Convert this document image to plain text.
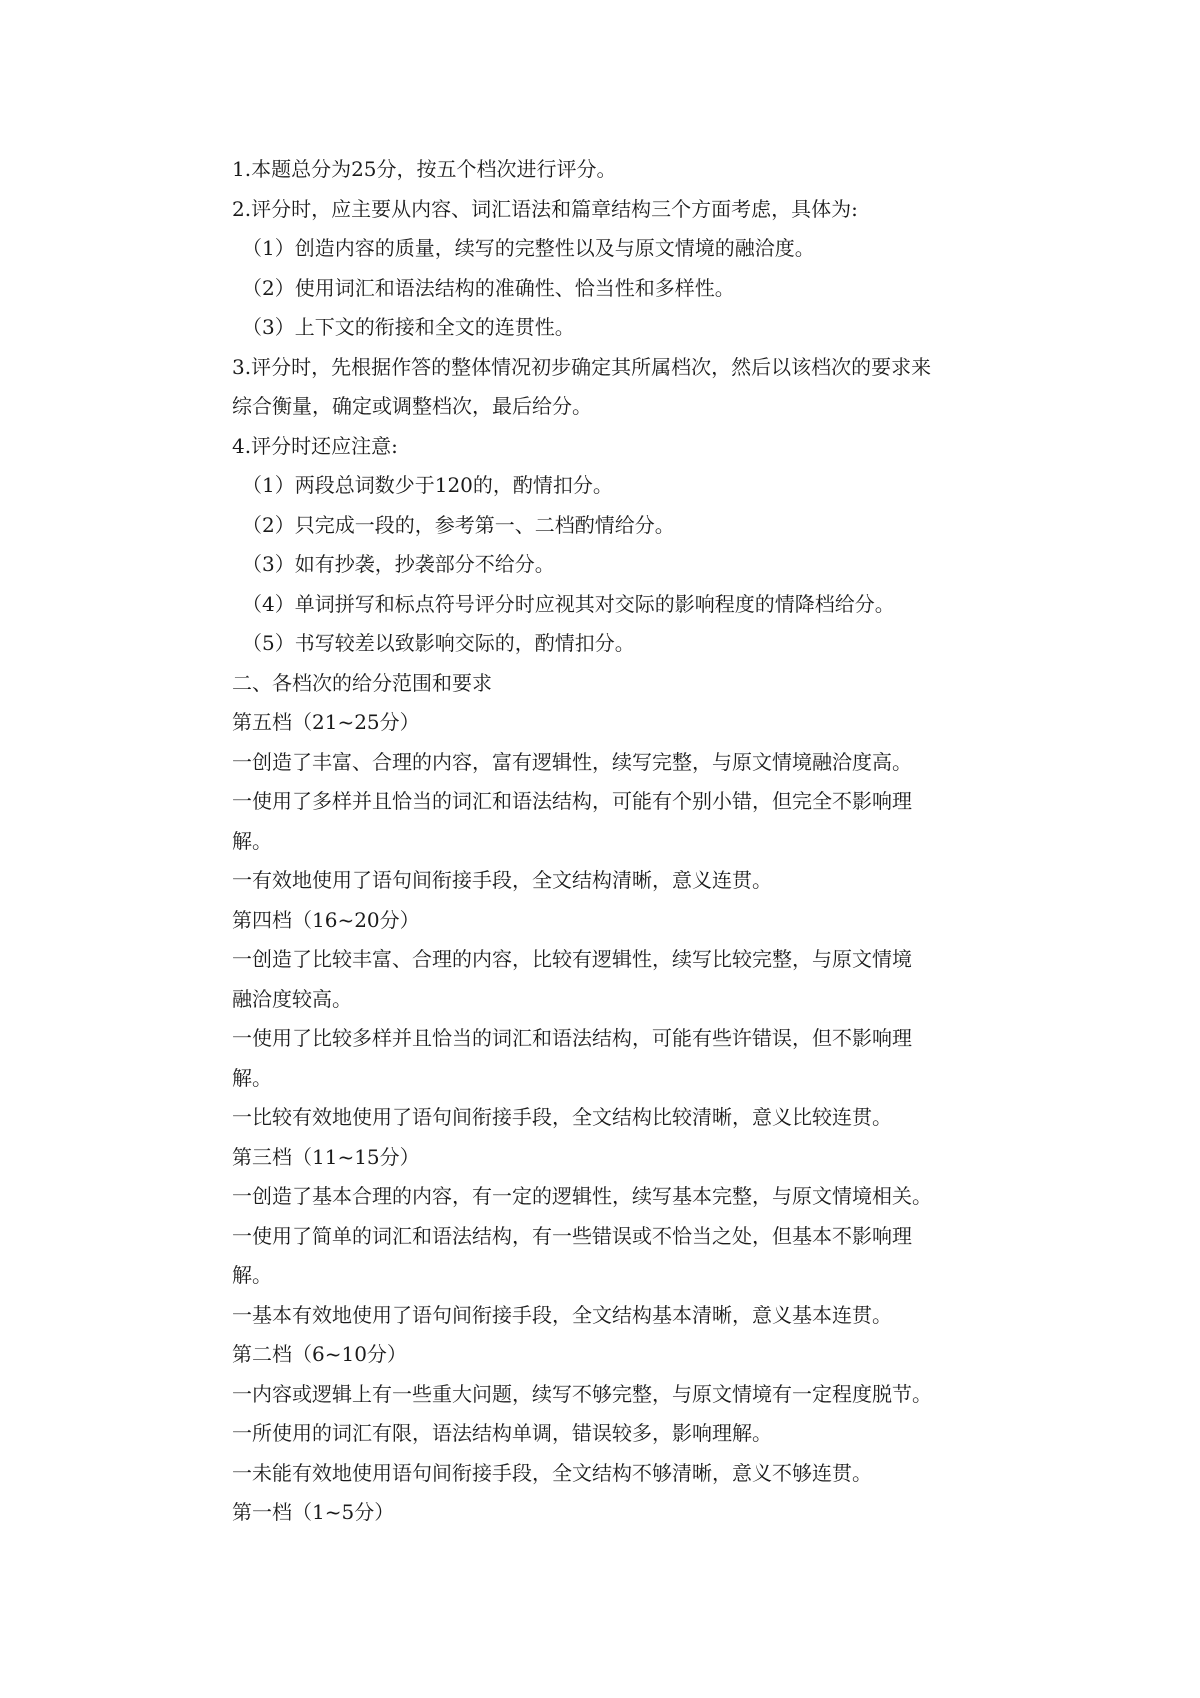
1.本题总分为25分，按五个档次进行评分。

2.评分时，应主要从内容、词汇语法和篇章结构三个方面考虑，具体为:

（1）创造内容的质量，续写的完整性以及与原文情境的融洽度。

（2）使用词汇和语法结构的准确性、恰当性和多样性。

（3）上下文的衔接和全文的连贯性。

3.评分时，先根据作答的整体情况初步确定其所属档次，然后以该档次的要求来

综合衡量，确定或调整档次，最后给分。

4.评分时还应注意:

（1）两段总词数少于120的，酌情扣分。

（2）只完成一段的，参考第一、二档酌情给分。

（3）如有抄袭，抄袭部分不给分。

（4）单词拼写和标点符号评分时应视其对交际的影响程度的情降档给分。

（5）书写较差以致影响交际的，酌情扣分。

二、各档次的给分范围和要求

第五档（21~25分）

一创造了丰富、合理的内容，富有逻辑性，续写完整，与原文情境融洽度高。

一使用了多样并且恰当的词汇和语法结构，可能有个别小错，但完全不影响理

解。

一有效地使用了语句间衔接手段，全文结构清晰，意义连贯。

第四档（16~20分）

一创造了比较丰富、合理的内容，比较有逻辑性，续写比较完整，与原文情境

融洽度较高。

一使用了比较多样并且恰当的词汇和语法结构，可能有些许错误，但不影响理

解。

一比较有效地使用了语句间衔接手段，全文结构比较清晰，意义比较连贯。

第三档（11~15分）

一创造了基本合理的内容，有一定的逻辑性，续写基本完整，与原文情境相关。

一使用了简单的词汇和语法结构，有一些错误或不恰当之处，但基本不影响理

解。

一基本有效地使用了语句间衔接手段，全文结构基本清晰，意义基本连贯。

第二档（6~10分）

一内容或逻辑上有一些重大问题，续写不够完整，与原文情境有一定程度脱节。

一所使用的词汇有限，语法结构单调，错误较多，影响理解。

一未能有效地使用语句间衔接手段，全文结构不够清晰，意义不够连贯。

第一档（1~5分）
